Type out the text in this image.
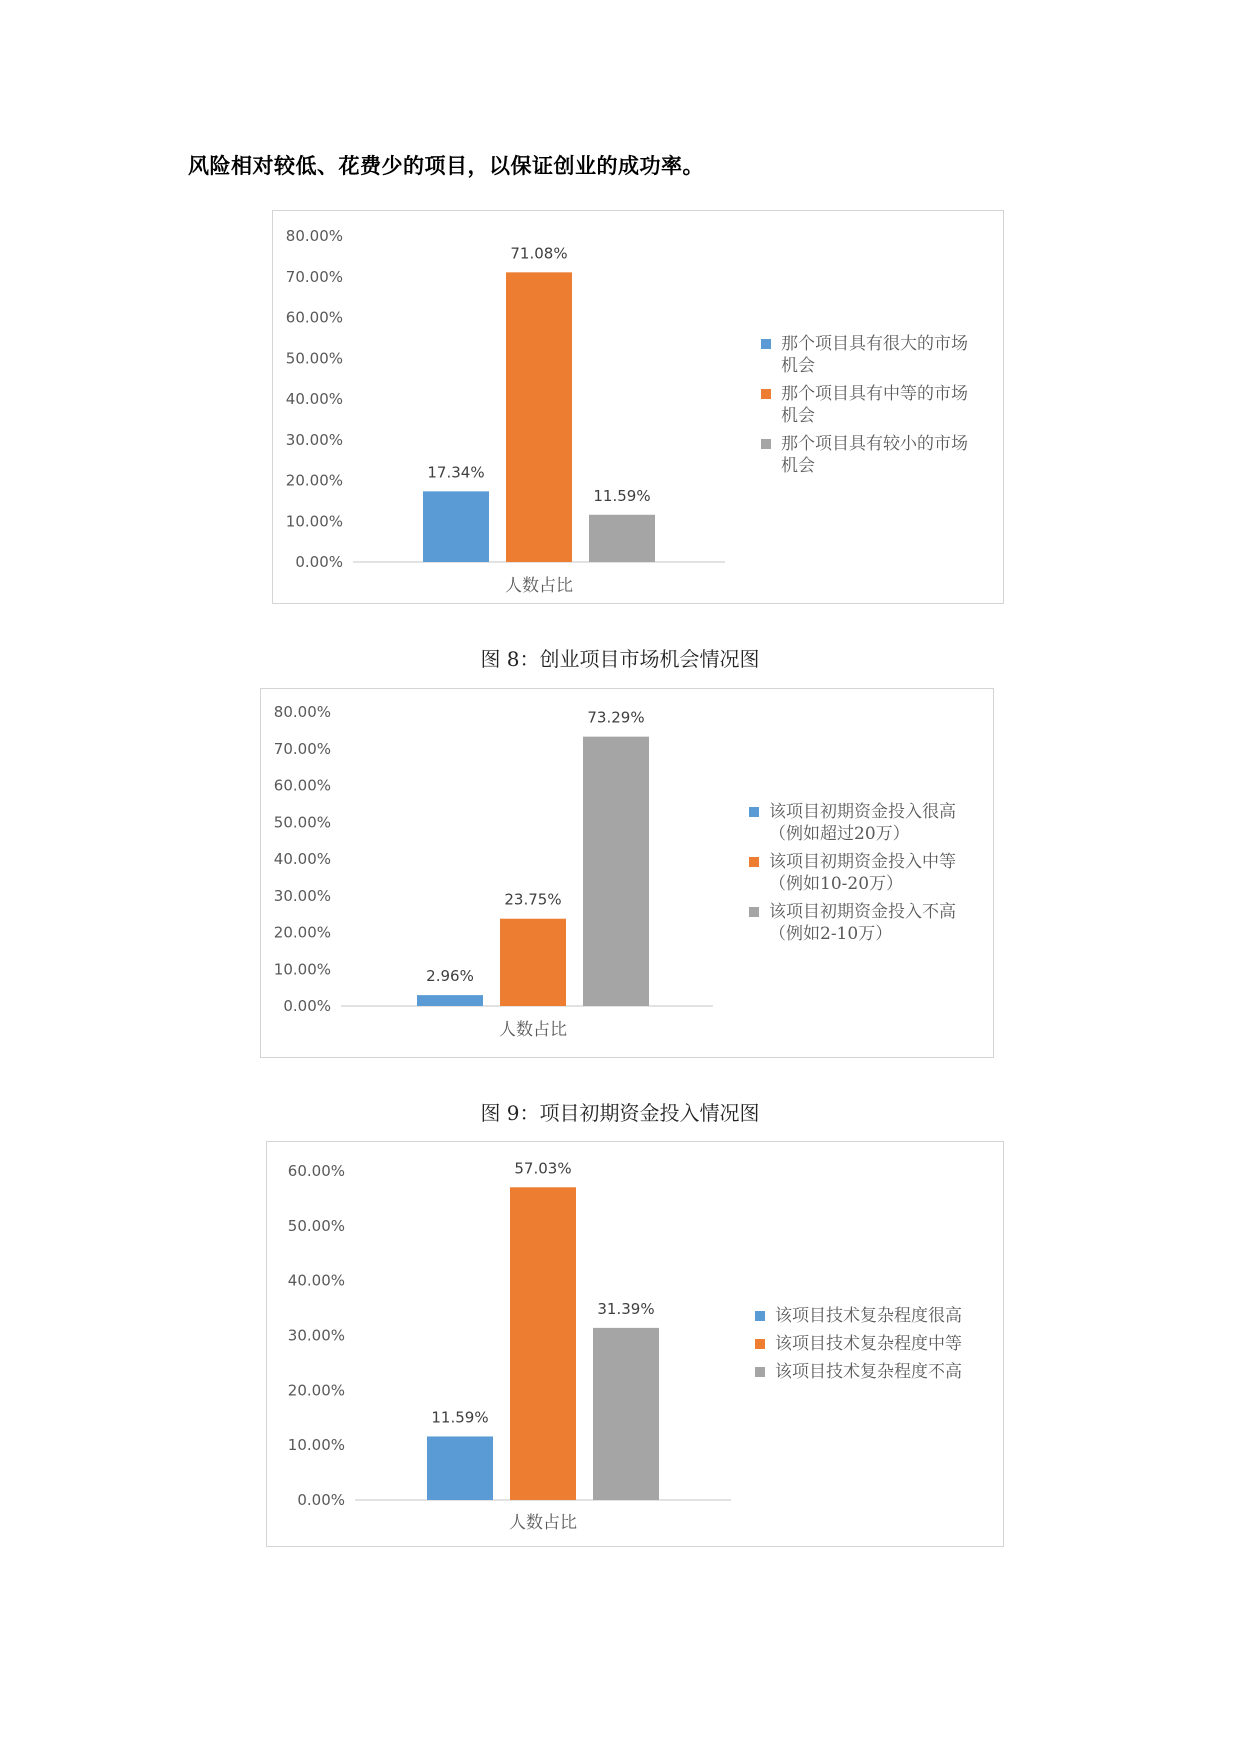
风险相对较低、花费少的项目，以保证创业的成功率。
0.00%
10.00%
20.00%
30.00%
40.00%
50.00%
60.00%
70.00%
80.00%
17.34%
71.08%
11.59%
人数占比
那个项目具有很大的市场
机会
那个项目具有中等的市场
机会
那个项目具有较小的市场
机会
图 8：创业项目市场机会情况图
0.00%
10.00%
20.00%
30.00%
40.00%
50.00%
60.00%
70.00%
80.00%
2.96%
23.75%
73.29%
人数占比
该项目初期资金投入很高
（例如超过20万）
该项目初期资金投入中等
（例如10-20万）
该项目初期资金投入不高
（例如2-10万）
图 9：项目初期资金投入情况图
0.00%
10.00%
20.00%
30.00%
40.00%
50.00%
60.00%
11.59%
57.03%
31.39%
人数占比
该项目技术复杂程度很高
该项目技术复杂程度中等
该项目技术复杂程度不高
